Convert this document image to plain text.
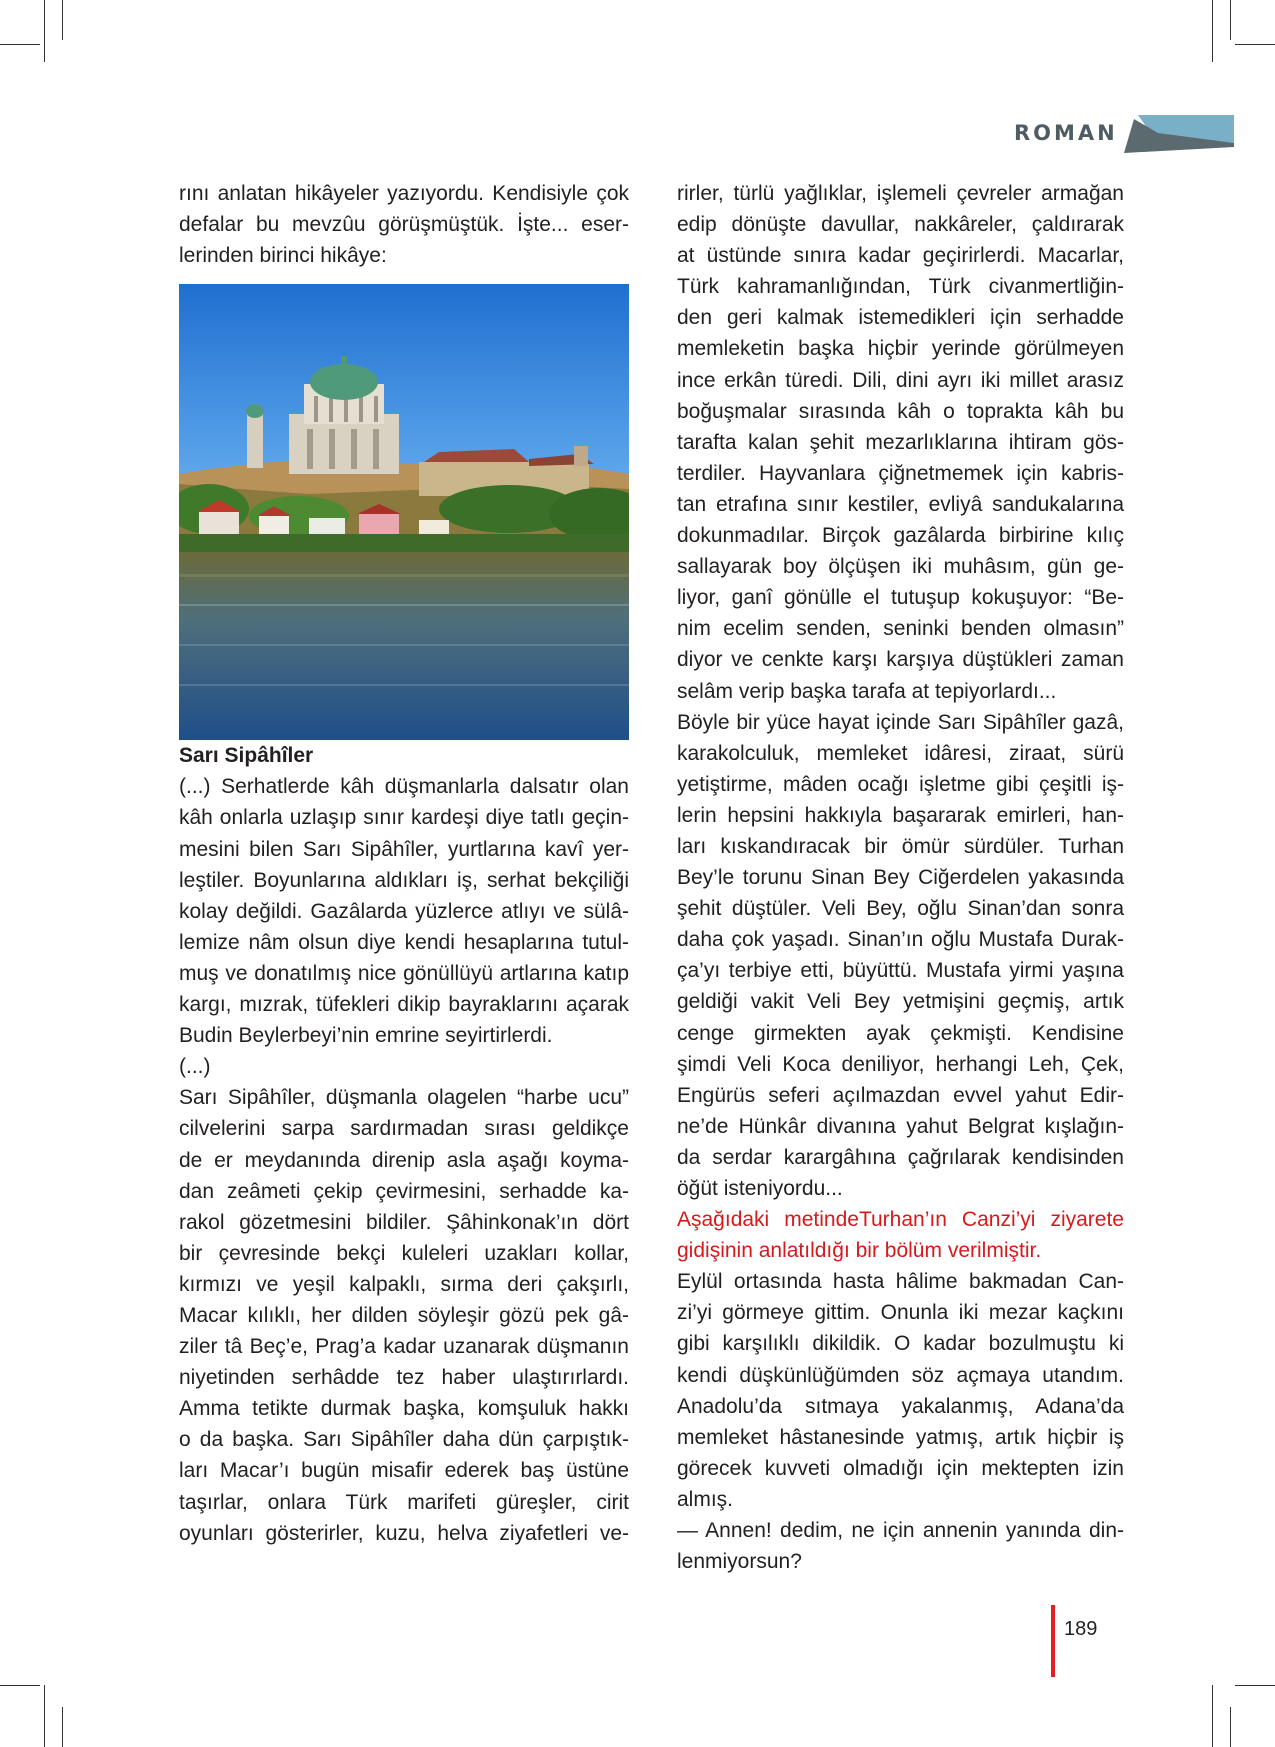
ROMAN

rını anlatan hikâyeler yazıyordu. Kendisiyle çok

defalar bu mevzûu görüşmüştük. İşte... eser-

lerinden birinci hikâye:

Sarı Sipâhîler

(...) Serhatlerde kâh düşmanlarla dalsatır olan

kâh onlarla uzlaşıp sınır kardeşi diye tatlı geçin-

mesini bilen Sarı Sipâhîler, yurtlarına kavî yer-

leştiler. Boyunlarına aldıkları iş, serhat bekçiliği

kolay değildi. Gazâlarda yüzlerce atlıyı ve sülâ-

lemize nâm olsun diye kendi hesaplarına tutul-

muş ve donatılmış nice gönüllüyü artlarına katıp

kargı, mızrak, tüfekleri dikip bayraklarını açarak

Budin Beylerbeyi’nin emrine seyirtirlerdi.

(...)

Sarı Sipâhîler, düşmanla olagelen “harbe ucu”

cilvelerini sarpa sardırmadan sırası geldikçe

de er meydanında direnip asla aşağı koyma-

dan zeâmeti çekip çevirmesini, serhadde ka-

rakol gözetmesini bildiler. Şâhinkonak’ın dört

bir çevresinde bekçi kuleleri uzakları kollar,

kırmızı ve yeşil kalpaklı, sırma deri çakşırlı,

Macar kılıklı, her dilden söyleşir gözü pek gâ-

ziler tâ Beç’e, Prag’a kadar uzanarak düşmanın

niyetinden serhâdde tez haber ulaştırırlardı.

Amma tetikte durmak başka, komşuluk hakkı

o da başka. Sarı Sipâhîler daha dün çarpıştık-

ları Macar’ı bugün misafir ederek baş üstüne

taşırlar, onlara Türk marifeti güreşler, cirit

oyunları gösterirler, kuzu, helva ziyafetleri ve-

rirler, türlü yağlıklar, işlemeli çevreler armağan

edip dönüşte davullar, nakkâreler, çaldırarak

at üstünde sınıra kadar geçirirlerdi. Macarlar,

Türk kahramanlığından, Türk civanmertliğin-

den geri kalmak istemedikleri için serhadde

memleketin başka hiçbir yerinde görülmeyen

ince erkân türedi. Dili, dini ayrı iki millet arasız

boğuşmalar sırasında kâh o toprakta kâh bu

tarafta kalan şehit mezarlıklarına ihtiram gös-

terdiler. Hayvanlara çiğnetmemek için kabris-

tan etrafına sınır kestiler, evliyâ sandukalarına

dokunmadılar. Birçok gazâlarda birbirine kılıç

sallayarak boy ölçüşen iki muhâsım, gün ge-

liyor, ganî gönülle el tutuşup kokuşuyor: “Be-

nim ecelim senden, seninki benden olmasın”

diyor ve cenkte karşı karşıya düştükleri zaman

selâm verip başka tarafa at tepiyorlardı...

Böyle bir yüce hayat içinde Sarı Sipâhîler gazâ,

karakolculuk, memleket idâresi, ziraat, sürü

yetiştirme, mâden ocağı işletme gibi çeşitli iş-

lerin hepsini hakkıyla başararak emirleri, han-

ları kıskandıracak bir ömür sürdüler. Turhan

Bey’le torunu Sinan Bey Ciğerdelen yakasında

şehit düştüler. Veli Bey, oğlu Sinan’dan sonra

daha çok yaşadı. Sinan’ın oğlu Mustafa Durak-

ça’yı terbiye etti, büyüttü. Mustafa yirmi yaşına

geldiği vakit Veli Bey yetmişini geçmiş, artık

cenge girmekten ayak çekmişti. Kendisine

şimdi Veli Koca deniliyor, herhangi Leh, Çek,

Engürüs seferi açılmazdan evvel yahut Edir-

ne’de Hünkâr divanına yahut Belgrat kışlağın-

da serdar karargâhına çağrılarak kendisinden

öğüt isteniyordu...

Aşağıdaki metindeTurhan’ın Canzi’yi ziyarete

gidişinin anlatıldığı bir bölüm verilmiştir.

Eylül ortasında hasta hâlime bakmadan Can-

zi’yi görmeye gittim. Onunla iki mezar kaçkını

gibi karşılıklı dikildik. O kadar bozulmuştu ki

kendi düşkünlüğümden söz açmaya utandım.

Anadolu’da sıtmaya yakalanmış, Adana’da

memleket hâstanesinde yatmış, artık hiçbir iş

görecek kuvveti olmadığı için mektepten izin

almış.

— Annen! dedim, ne için annenin yanında din-

lenmiyorsun?

189
